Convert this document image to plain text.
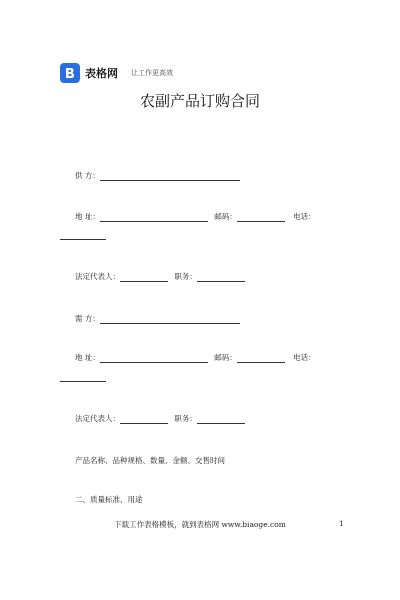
表格网 让工作更高效
农副产品订购合同
供 方：
地 址：	邮码：	电话：
法定代表人：	职务：
需 方：
地 址：	邮码：	电话：
法定代表人：	职务：
产品名称、品种规格、数量、金额、交售时间
二、质量标准、用途
下载工作表格模板，就到表格网 www.biaoge.com	1
